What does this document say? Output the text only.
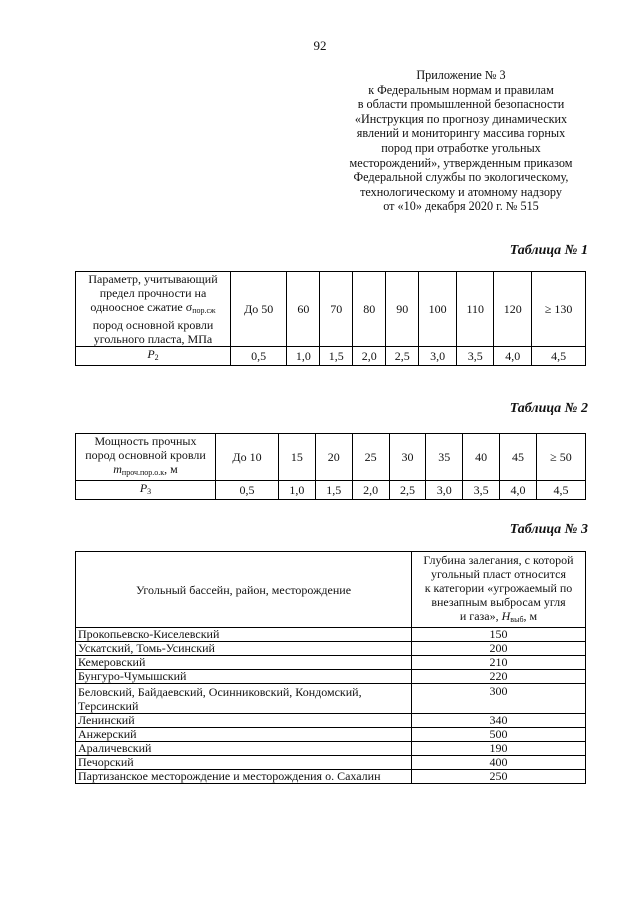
92
Приложение № 3
к Федеральным нормам и правилам
в области промышленной безопасности
«Инструкция по прогнозу динамических
явлений и мониторингу массива горных
пород при отработке угольных
месторождений», утвержденным приказом
Федеральной службы по экологическому,
технологическому и атомному надзору
от «10» декабря 2020 г. № 515
Таблица № 1
Параметр, учитывающий
предел прочности на
одноосное сжатие $\sigma_{пор.сж}$
пород основной кровли
угольного пласта, МПа	До 50	60	70	80	90	100	110	120	≥ 130
$P_2$	0,5	1,0	1,5	2,0	2,5	3,0	3,5	4,0	4,5
Таблица № 2
Мощность прочных
пород основной кровли
$m_{проч.пор.о.к}$, м	До 10	15	20	25	30	35	40	45	≥ 50
$P_3$	0,5	1,0	1,5	2,0	2,5	3,0	3,5	4,0	4,5
Таблица № 3
Угольный бассейн, район, месторождение	Глубина залегания, с которой
угольный пласт относится
к категории «угрожаемый по
внезапным выбросам угля
и газа», $H_{выб}$, м
Прокопьевско-Киселевский	150
Ускатский, Томь-Усинский	200
Кемеровский	210
Бунгуро-Чумышский	220
Беловский, Байдаевский, Осинниковский, Кондомский, Терсинский	300
Ленинский	340
Анжерский	500
Араличевский	190
Печорский	400
Партизанское месторождение и месторождения о. Сахалин	250
